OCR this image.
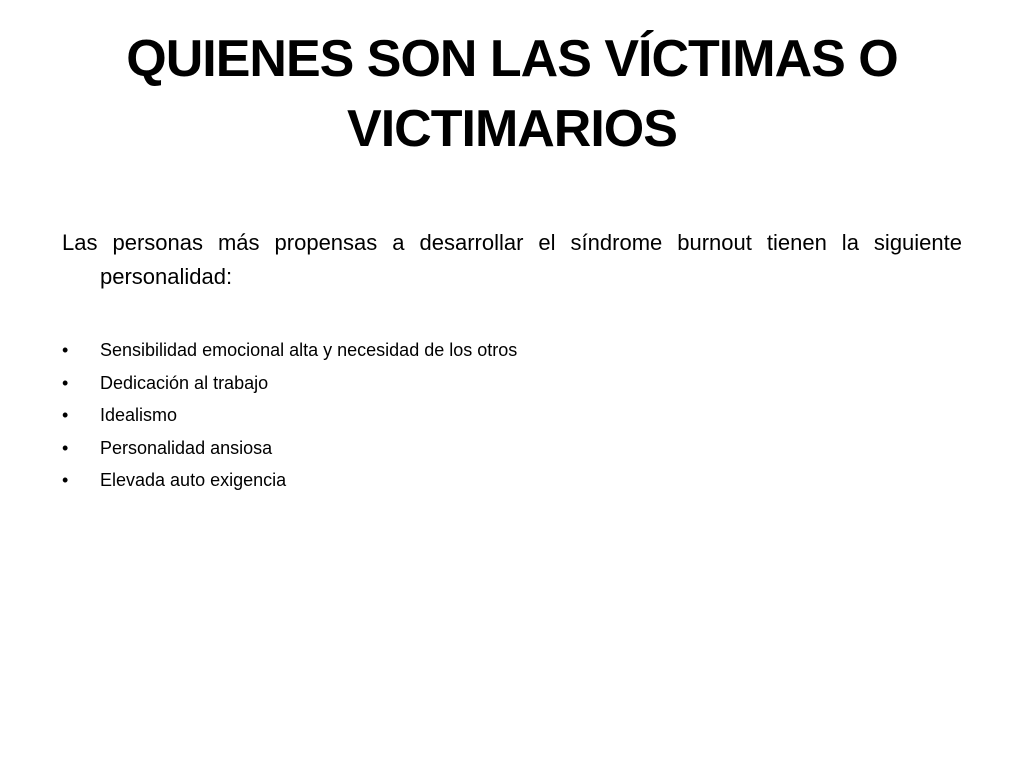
QUIENES SON LAS VÍCTIMAS O VICTIMARIOS

Las personas más propensas a desarrollar el síndrome burnout tienen la siguiente personalidad:

• Sensibilidad emocional alta y necesidad de los otros
• Dedicación al trabajo
• Idealismo
• Personalidad ansiosa
• Elevada auto exigencia
